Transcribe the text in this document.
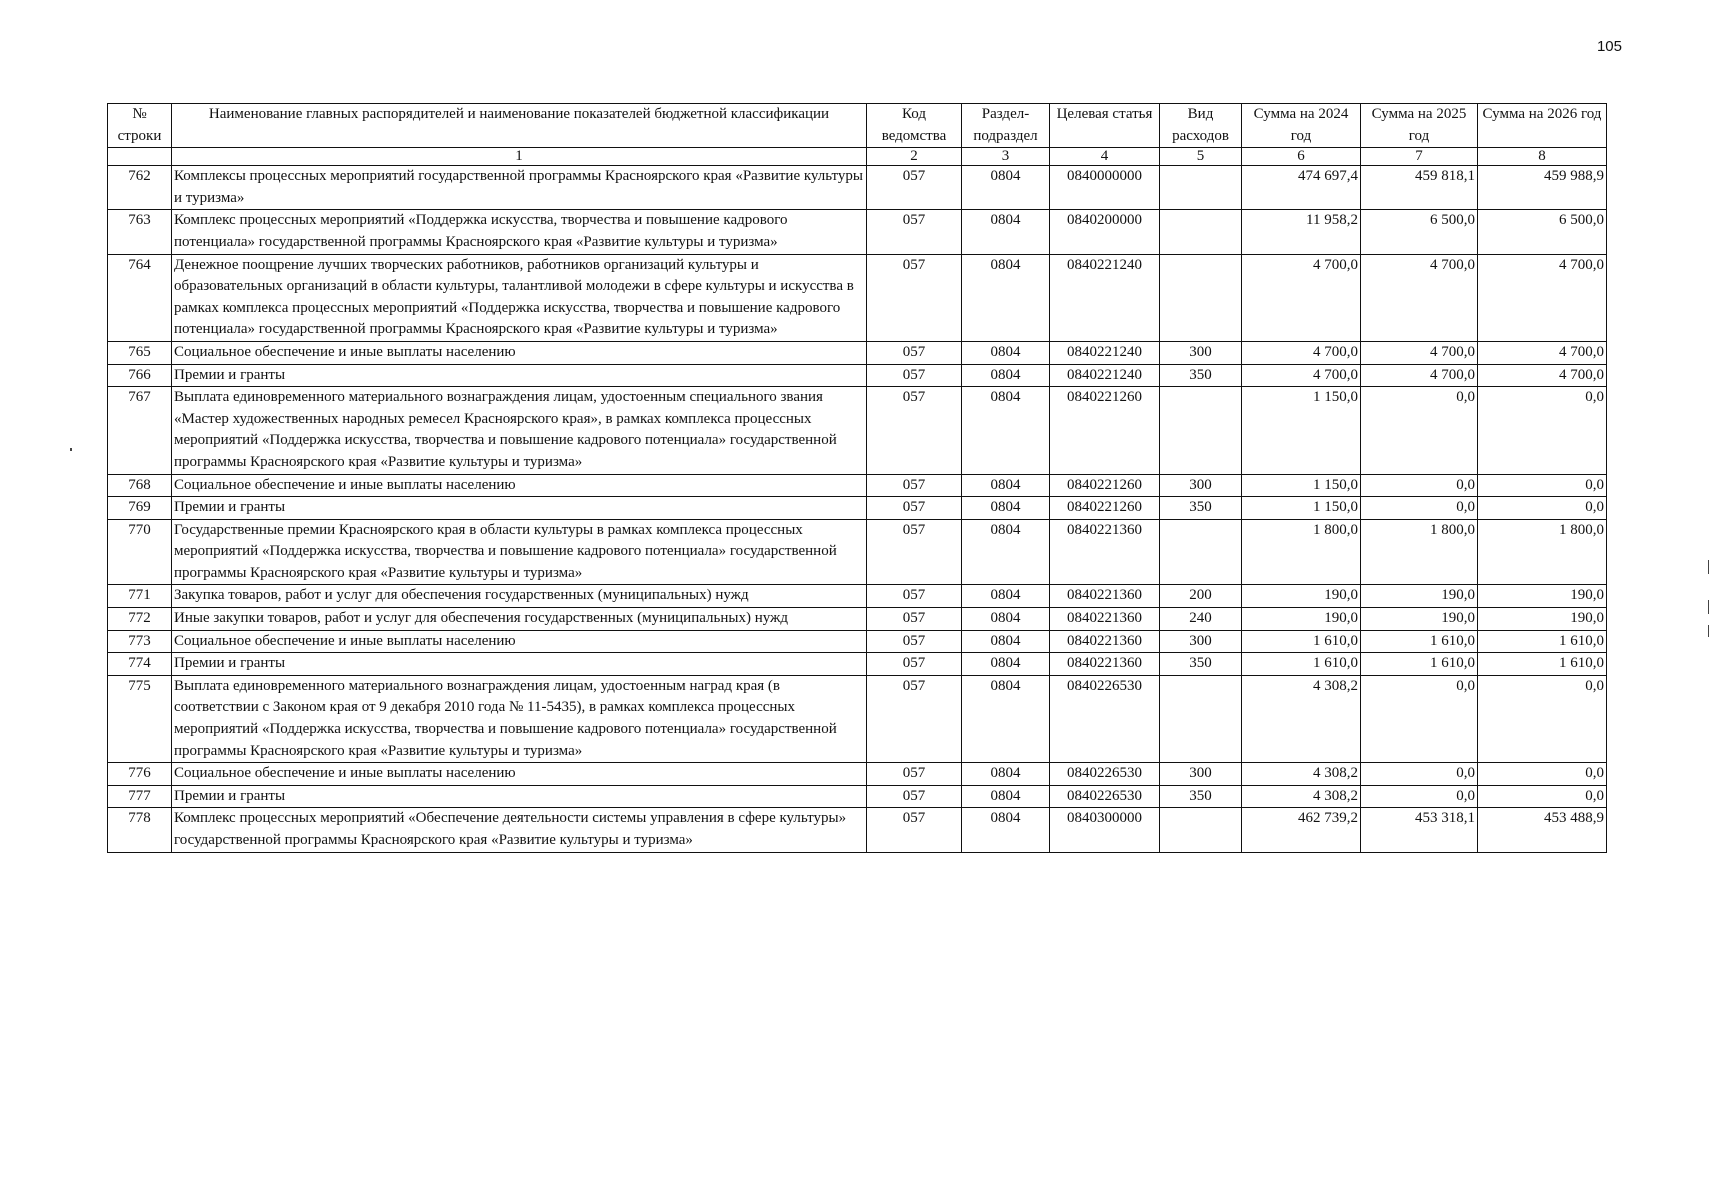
105
№ строки	Наименование главных распорядителей и наименование показателей бюджетной классификации	Код ведомства	Раздел-подраздел	Целевая статья	Вид расходов	Сумма на 2024 год	Сумма на 2025 год	Сумма на 2026 год
	1	2	3	4	5	6	7	8
762	Комплексы процессных мероприятий государственной программы Красноярского края «Развитие культуры и туризма»	057	0804	0840000000		474 697,4	459 818,1	459 988,9
763	Комплекс процессных мероприятий «Поддержка искусства, творчества и повышение кадрового потенциала» государственной программы Красноярского края «Развитие культуры и туризма»	057	0804	0840200000		11 958,2	6 500,0	6 500,0
764	Денежное поощрение лучших творческих работников, работников организаций культуры и образовательных организаций в области культуры, талантливой молодежи в сфере культуры и искусства в рамках комплекса процессных мероприятий «Поддержка искусства, творчества и повышение кадрового потенциала» государственной программы Красноярского края «Развитие культуры и туризма»	057	0804	0840221240		4 700,0	4 700,0	4 700,0
765	Социальное обеспечение и иные выплаты населению	057	0804	0840221240	300	4 700,0	4 700,0	4 700,0
766	Премии и гранты	057	0804	0840221240	350	4 700,0	4 700,0	4 700,0
767	Выплата единовременного материального вознаграждения лицам, удостоенным специального звания «Мастер художественных народных ремесел Красноярского края», в рамках комплекса процессных мероприятий «Поддержка искусства, творчества и повышение кадрового потенциала» государственной программы Красноярского края «Развитие культуры и туризма»	057	0804	0840221260		1 150,0	0,0	0,0
768	Социальное обеспечение и иные выплаты населению	057	0804	0840221260	300	1 150,0	0,0	0,0
769	Премии и гранты	057	0804	0840221260	350	1 150,0	0,0	0,0
770	Государственные премии Красноярского края в области культуры в рамках комплекса процессных мероприятий «Поддержка искусства, творчества и повышение кадрового потенциала» государственной программы Красноярского края «Развитие культуры и туризма»	057	0804	0840221360		1 800,0	1 800,0	1 800,0
771	Закупка товаров, работ и услуг для обеспечения государственных (муниципальных) нужд	057	0804	0840221360	200	190,0	190,0	190,0
772	Иные закупки товаров, работ и услуг для обеспечения государственных (муниципальных) нужд	057	0804	0840221360	240	190,0	190,0	190,0
773	Социальное обеспечение и иные выплаты населению	057	0804	0840221360	300	1 610,0	1 610,0	1 610,0
774	Премии и гранты	057	0804	0840221360	350	1 610,0	1 610,0	1 610,0
775	Выплата единовременного материального вознаграждения лицам, удостоенным наград края (в соответствии с Законом края от 9 декабря 2010 года № 11-5435), в рамках комплекса процессных мероприятий «Поддержка искусства, творчества и повышение кадрового потенциала» государственной программы Красноярского края «Развитие культуры и туризма»	057	0804	0840226530		4 308,2	0,0	0,0
776	Социальное обеспечение и иные выплаты населению	057	0804	0840226530	300	4 308,2	0,0	0,0
777	Премии и гранты	057	0804	0840226530	350	4 308,2	0,0	0,0
778	Комплекс процессных мероприятий «Обеспечение деятельности системы управления в сфере культуры» государственной программы Красноярского края «Развитие культуры и туризма»	057	0804	0840300000		462 739,2	453 318,1	453 488,9
